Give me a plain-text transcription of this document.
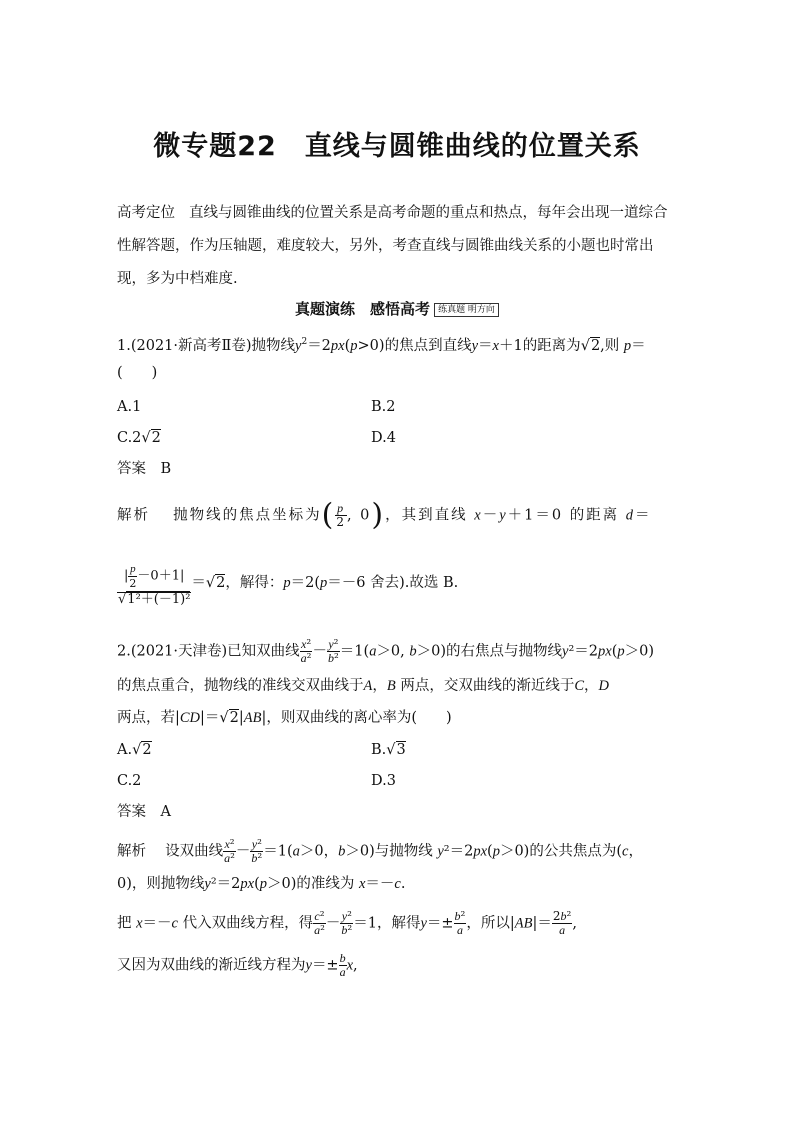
微专题22　直线与圆锥曲线的位置关系
高考定位 直线与圆锥曲线的位置关系是高考命题的重点和热点，每年会出现一道综合性解答题，作为压轴题，难度较大，另外，考查直线与圆锥曲线关系的小题也时常出现，多为中档难度.
真题演练　感悟高考 练真题 明方向
1.(2021·新高考Ⅱ卷)抛物线$y^2=2px(p>0)$的焦点到直线y＝x＋1的距离为√2,则 p＝
(　　)
A.1	B.2
C.2√2	D.4
答案　B
解析　 抛物线的焦点坐标为( $\frac{p}{2}$ , 0)，其到直线 x－y＋1＝0 的距离 d＝
$\frac{| \frac{p}{2} -0+1|}{\text{√1²＋(－1)²}} =√2$，解得：p＝2(p＝－6 舍去).故选 B.
2.(2021·天津卷)已知双曲线 $\frac{\text{x²}}{\text{a²}} - \frac{\text{y²}}{\text{b²}} =1(a>0$, b＞0)的右焦点与抛物线y²＝2px(p＞0)
的焦点重合，抛物线的准线交双曲线于A，B 两点，交双曲线的渐近线于C，D
两点，若|CD|＝√2|AB|，则双曲线的离心率为(　　)
A.√2	B.√3
C.2	D.3
答案　A
解析　 设双曲线 $\frac{\text{x²}}{\text{a²}} - \frac{\text{y²}}{\text{b²}} =1(a>0$，b＞0)与抛物线 y²＝2px(p＞0)的公共焦点为(c，
0)，则抛物线y²＝2px(p＞0)的准线为 x＝－c.
把 x＝－c 代入双曲线方程，得 $\frac{\text{c²}}{\text{a²}} - \frac{\text{y²}}{\text{b²}} =1$，解得$y=\pm \frac{\text{b²}}{a}$ ，所以$|AB|= \frac{\text{2b²}}{a}$ ,
又因为双曲线的渐近线方程为$y=\pm \frac{b}{a} x$,
